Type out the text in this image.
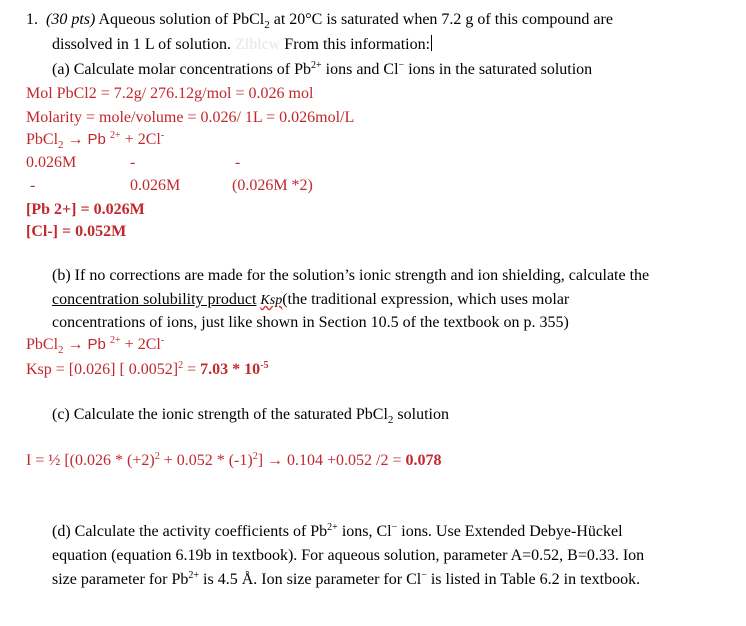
1. (30 pts) Aqueous solution of PbCl$_2$ at 20°C is saturated when 7.2 g of this compound are
dissolved in 1 L of solution. Zlblcw From this information:
(a) Calculate molar concentrations of $Pb^{2+}$ ions and Cl− ions in the saturated solution
Mol PbCl2 = 7.2g/ 276.12g/mol = 0.026 mol
Molarity = mole/volume = 0.026/ 1L = 0.026mol/L
PbCl$_2$ → Pb $^{2+}$ + 2Cl-
0.026M	-	-
-	0.026M	(0.026M *2)
[Pb 2+] = 0.026M
[Cl-] = 0.052M
(b) If no corrections are made for the solution’s ionic strength and ion shielding, calculate the
concentration solubility product Ksp(the traditional expression, which uses molar
concentrations of ions, just like shown in Section 10.5 of the textbook on p. 355)
PbCl$_2$ → Pb $^{2+}$ + 2Cl-
Ksp = [0.026] [ $0.0052]^2 = 7.03 * 10^{-5}$
(c) Calculate the ionic strength of the saturated PbCl$_2$ solution
I = ½ [$(0.026 * (+2)^2 + 0.052 * (-1)^2] \to 0.104 +0.052$ /2 = 0.078
(d) Calculate the activity coefficients of $Pb^{2+}$ ions, Cl− ions. Use Extended Debye-Hückel
equation (equation 6.19b in textbook). For aqueous solution, parameter A=0.52, B=0.33. Ion
size parameter for $Pb^{2+}$ is 4.5 Å. Ion size parameter for Cl− is listed in Table 6.2 in textbook.
